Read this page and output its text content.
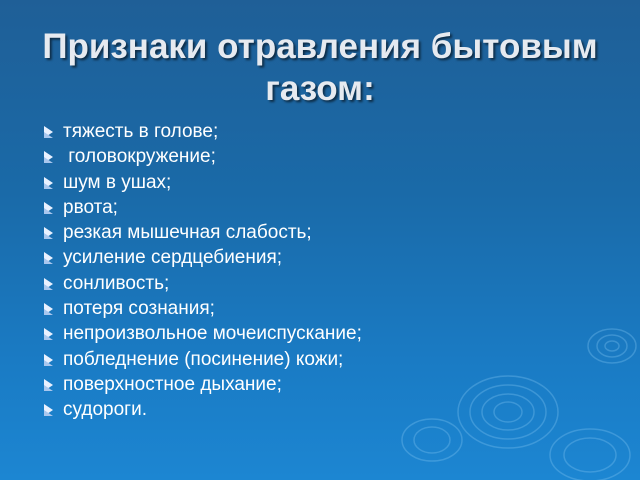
Признаки отравления бытовым
газом:
тяжесть в голове;
головокружение;
шум в ушах;
рвота;
резкая мышечная слабость;
усиление сердцебиения;
сонливость;
потеря сознания;
непроизвольное мочеиспускание;
побледнение (посинение) кожи;
поверхностное дыхание;
судороги.
